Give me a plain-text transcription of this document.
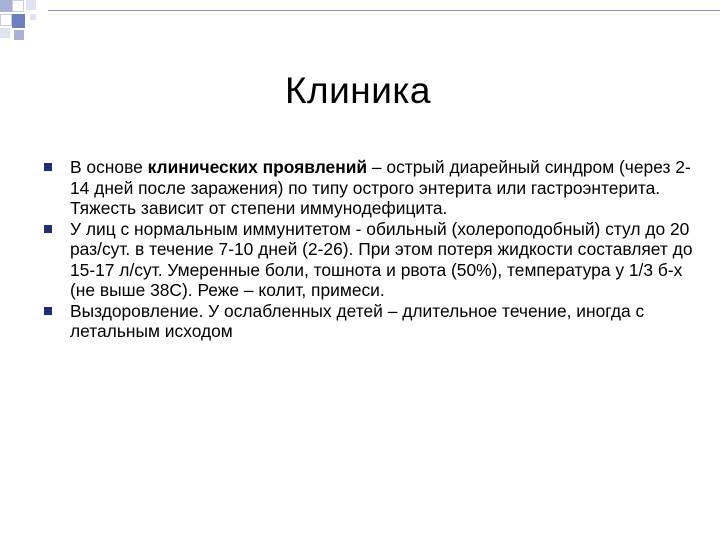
Клиника
В основе клинических проявлений – острый диарейный синдром (через 2-14 дней после заражения) по типу острого энтерита или гастроэнтерита. Тяжесть зависит от степени иммунодефицита.
У лиц с нормальным иммунитетом - обильный (холероподобный) стул до 20 раз/сут. в течение 7-10 дней (2-26). При этом потеря жидкости составляет до 15-17 л/сут. Умеренные боли, тошнота и рвота (50%), температура у 1/3 б-х (не выше 38С). Реже – колит, примеси.
Выздоровление. У ослабленных детей – длительное течение, иногда с летальным исходом
